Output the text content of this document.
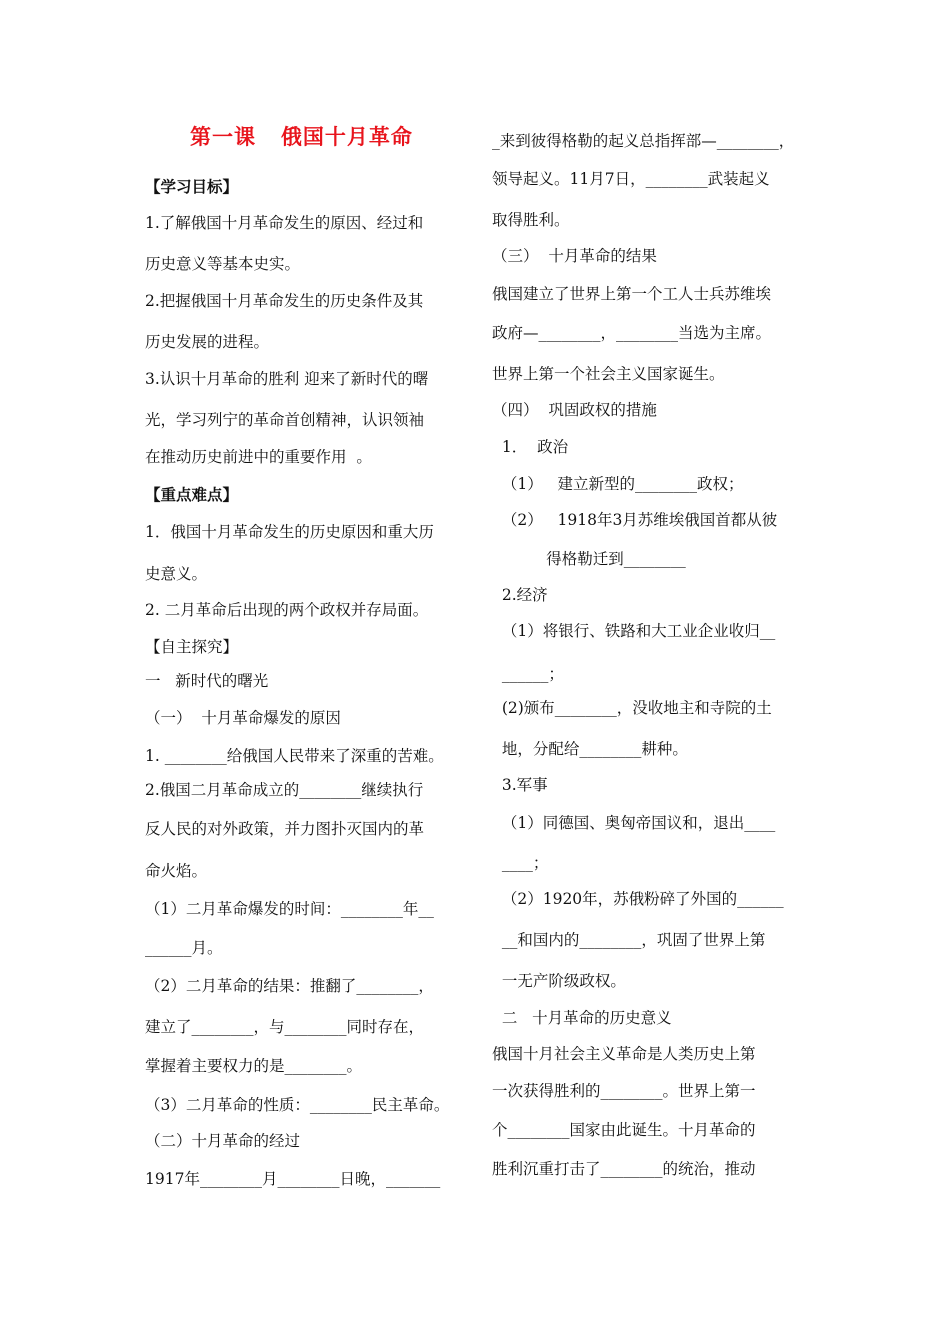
第一课   俄国十月革命

【学习目标】

1.了解俄国十月革命发生的原因、经过和

历史意义等基本史实。

2.把握俄国十月革命发生的历史条件及其

历史发展的进程。

3.认识十月革命的胜利 迎来了新时代的曙

光，学习列宁的革命首创精神，认识领袖

在推动历史前进中的重要作用  。

【重点难点】

1．俄国十月革命发生的历史原因和重大历

史意义。

2. 二月革命后出现的两个政权并存局面。

【自主探究】

一   新时代的曙光

（一）  十月革命爆发的原因

1. ________给俄国人民带来了深重的苦难。

2.俄国二月革命成立的________继续执行

反人民的对外政策，并力图扑灭国内的革

命火焰。

（1）二月革命爆发的时间：________年__

______月。

（2）二月革命的结果：推翻了________，

建立了________，与________同时存在，

掌握着主要权力的是________。

（3）二月革命的性质：________民主革命。

（二）十月革命的经过

1917年________月________日晚，_______

_来到彼得格勒的起义总指挥部—________，

领导起义。11月7日，________武装起义

取得胜利。

（三）  十月革命的结果

俄国建立了世界上第一个工人士兵苏维埃

政府—________，________当选为主席。

世界上第一个社会主义国家诞生。

（四）  巩固政权的措施

1．  政治

（1）   建立新型的________政权；

（2）   1918年3月苏维埃俄国首都从彼

得格勒迁到________

2.经济

（1）将银行、铁路和大工业企业收归__

______；

(2)颁布________，没收地主和寺院的土

地，分配给________耕种。

3.军事

（1）同德国、奥匈帝国议和，退出____

____；

（2）1920年，苏俄粉碎了外国的______

__和国内的________，巩固了世界上第

一无产阶级政权。

二   十月革命的历史意义

俄国十月社会主义革命是人类历史上第

一次获得胜利的________。世界上第一

个________国家由此诞生。十月革命的

胜利沉重打击了________的统治，推动
